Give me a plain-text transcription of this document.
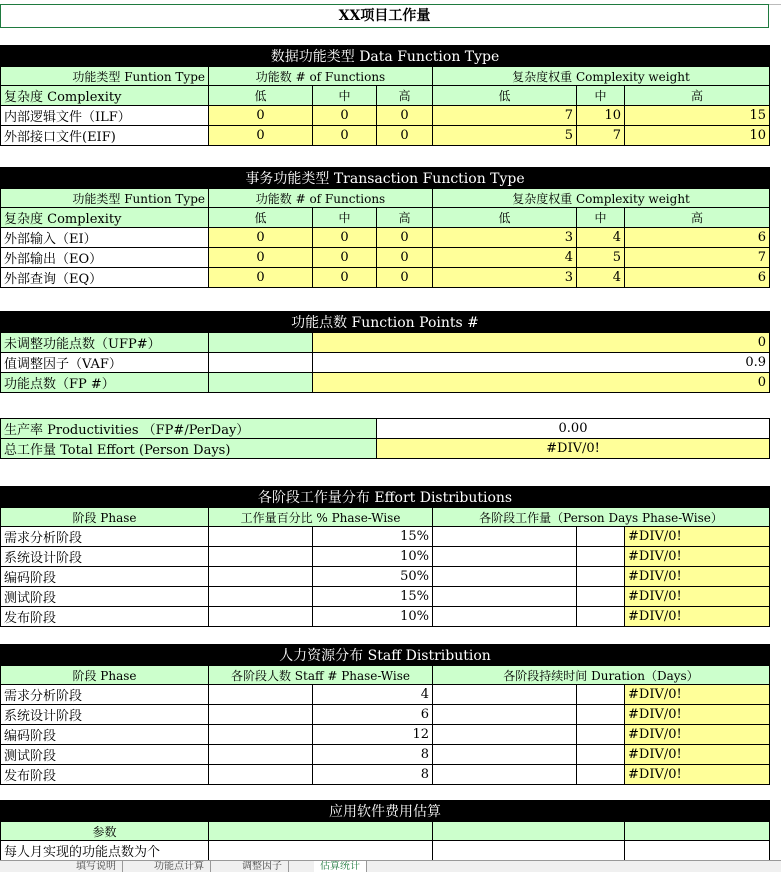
XX项目工作量
数据功能类型 Data Function Type						
功能类型 Funtion Type	功能数 # of Functions			复杂度权重 Complexity weight		
复杂度 Complexity	低	中	高	低	中	高
内部逻辑文件（ILF）	0	0	0	7	10	15
外部接口文件(EIF)	0	0	0	5	7	10
事务功能类型 Transaction Function Type						
功能类型 Funtion Type	功能数 # of Functions			复杂度权重 Complexity weight		
复杂度 Complexity	低	中	高	低	中	高
外部输入（EI）	0	0	0	3	4	6
外部输出（EO）	0	0	0	4	5	7
外部查询（EQ）	0	0	0	3	4	6
功能点数 Function Points #		
未调整功能点数（UFP#）		0
值调整因子（VAF）		0.9
功能点数（FP #）		0
生产率 Productivities （FP#/PerDay）	0.00
总工作量 Total Effort (Person Days)	#DIV/0!
各阶段工作量分布 Effort Distributions					
阶段 Phase	工作量百分比 % Phase-Wise		各阶段工作量（Person Days Phase-Wise）		
需求分析阶段		15%			#DIV/0!
系统设计阶段		10%			#DIV/0!
编码阶段		50%			#DIV/0!
测试阶段		15%			#DIV/0!
发布阶段		10%			#DIV/0!
人力资源分布 Staff Distribution					
阶段 Phase	各阶段人数 Staff # Phase-Wise		各阶段持续时间 Duration（Days）		
需求分析阶段		4			#DIV/0!
系统设计阶段		6			#DIV/0!
编码阶段		12			#DIV/0!
测试阶段		8			#DIV/0!
发布阶段		8			#DIV/0!
应用软件费用估算			
参数			
每人月实现的功能点数为个			
填写说明	功能点计算	调整因子	估算统计
